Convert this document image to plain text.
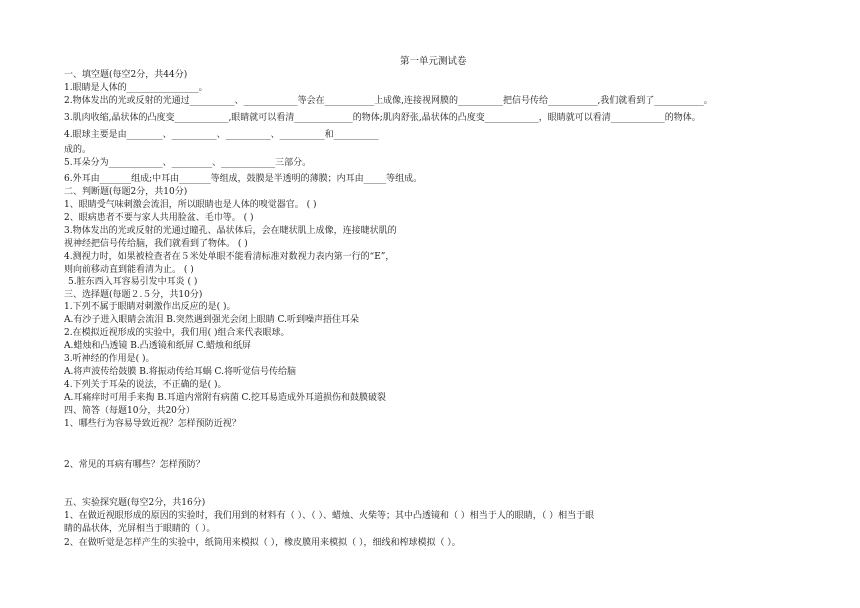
第一单元测试卷
一、填空题(每空2分，共44分)
1.眼睛是人体的________________。
2.物体发出的光或反射的光通过__________、____________等会在___________上成像,连接视网膜的__________把信号传给___________,我们就看到了___________。
3.肌肉收缩,晶状体的凸度变____________,眼睛就可以看清_____________的物体;肌肉舒张,晶状体的凸度变____________，眼睛就可以看清____________的物体。
4.眼球主要是由________、__________、__________、__________和__________
成的。
5.耳朵分为____________、_________、____________三部分。
6.外耳由_______组成;中耳由_______等组成，鼓膜是半透明的薄膜；内耳由_____等组成。
二、判断题(每题2分，共10分)
1、眼睛受气味刺激会流泪，所以眼睛也是人体的嗅觉器官。 ( )
2、眼病患者不要与家人共用脸盆、毛巾等。 ( )
3.物体发出的光或反射的光通过瞳孔、晶状体后，会在睫状肌上成像，连接睫状肌的
视神经把信号传给脑，我们就看到了物体。 ( )
4.测视力时，如果被检查者在５米处单眼不能看清标准对数视力表内第一行的“E”，
则向前移动直到能看清为止。 ( )
5.脏东西入耳容易引发中耳炎 ( )
三、选择题(每题２.５分，共10分)
1.下列不属于眼睛对刺激作出反应的是( )。
A.有沙子进入眼睛会流泪 B.突然遇到强光会闭上眼睛 C.听到噪声捂住耳朵
2.在模拟近视形成的实验中，我们用( )组合来代表眼球。
A.蜡烛和凸透镜 B.凸透镜和纸屏 C.蜡烛和纸屏
3.听神经的作用是( )。
A.将声波传给鼓膜 B.将振动传给耳蜗 C.将听觉信号传给脑
4.下列关于耳朵的说法，不正确的是( )。
A.耳痛痒时可用手来掏 B.耳道内常附有病菌 C.挖耳易造成外耳道损伤和鼓膜破裂
四、简答（每题10分，共20分）
1、哪些行为容易导致近视？怎样预防近视？
2、常见的耳病有哪些？怎样预防？
五、实验探究题(每空2分，共16分)
1、在做近视眼形成的原因的实验时，我们用到的材料有（ ）、（ ）、蜡烛、火柴等；其中凸透镜和（ ）相当于人的眼睛，（ ）相当于眼
睛的晶状体，光屏相当于眼睛的（ ）。
2、在做听觉是怎样产生的实验中，纸筒用来模拟（ ），橡皮膜用来模拟（ ），细线和榨球模拟（ ）。
